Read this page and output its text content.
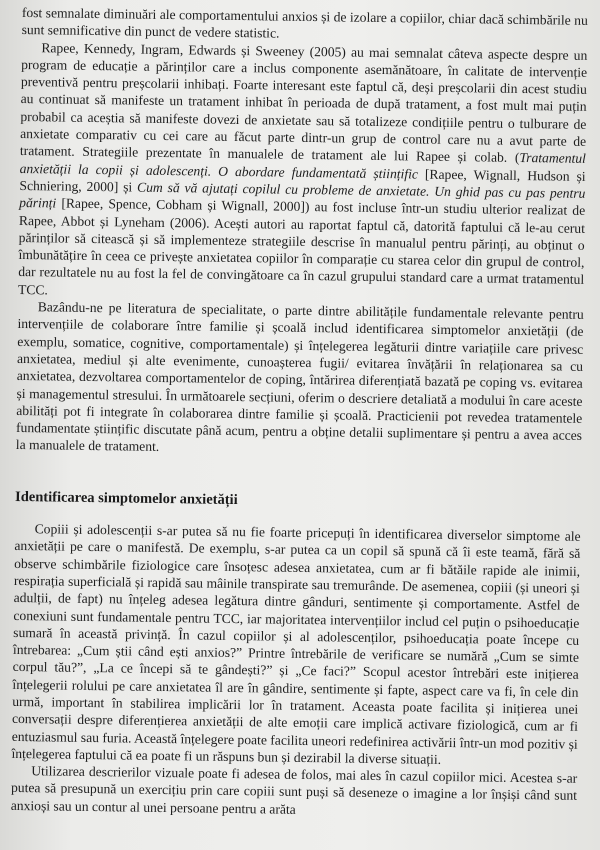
fost semnalate diminuări ale comportamentului anxios și de izolare a copiilor, chiar dacă schimbările nu sunt semnificative din punct de vedere statistic.

Rapee, Kennedy, Ingram, Edwards și Sweeney (2005) au mai semnalat câteva aspecte despre un program de educație a părinților care a inclus componente asemănătoare, în calitate de intervenție preventivă pentru preșcolarii inhibați. Foarte interesant este faptul că, deși preșcolarii din acest studiu au continuat să manifeste un tratament inhibat în perioada de după tratament, a fost mult mai puțin probabil ca aceștia să manifeste dovezi de anxietate sau să totalizeze condițiile pentru o tulburare de anxietate comparativ cu cei care au făcut parte dintr-un grup de control care nu a avut parte de tratament. Strategiile prezentate în manualele de tratament ale lui Rapee și colab. (Tratamentul anxietății la copii și adolescenți. O abordare fundamentată științific [Rapee, Wignall, Hudson și Schniering, 2000] și Cum să vă ajutați copilul cu probleme de anxietate. Un ghid pas cu pas pentru părinți [Rapee, Spence, Cobham și Wignall, 2000]) au fost incluse într-un studiu ulterior realizat de Rapee, Abbot și Lyneham (2006). Acești autori au raportat faptul că, datorită faptului că le-au cerut părinților să citească și să implementeze strategiile descrise în manualul pentru părinți, au obținut o îmbunătățire în ceea ce privește anxietatea copiilor în comparație cu starea celor din grupul de control, dar rezultatele nu au fost la fel de convingătoare ca în cazul grupului standard care a urmat tratamentul TCC.

Bazându-ne pe literatura de specialitate, o parte dintre abilitățile fundamentale relevante pentru intervențiile de colaborare între familie și școală includ identificarea simptomelor anxietății (de exemplu, somatice, cognitive, comportamentale) și înțelegerea legăturii dintre variațiile care privesc anxietatea, mediul și alte evenimente, cunoașterea fugii/ evitarea învățării în relaționarea sa cu anxietatea, dezvoltarea comportamentelor de coping, întărirea diferențiată bazată pe coping vs. evitarea și managementul stresului. În următoarele secțiuni, oferim o descriere detaliată a modului în care aceste abilități pot fi integrate în colaborarea dintre familie și școală. Practicienii pot revedea tratamentele fundamentate științific discutate până acum, pentru a obține detalii suplimentare și pentru a avea acces la manualele de tratament.

Identificarea simptomelor anxietății

Copiii și adolescenții s-ar putea să nu fie foarte pricepuți în identificarea diverselor simptome ale anxietății pe care o manifestă. De exemplu, s-ar putea ca un copil să spună că îi este teamă, fără să observe schimbările fiziologice care însoțesc adesea anxietatea, cum ar fi bătăile rapide ale inimii, respirația superficială și rapidă sau mâinile transpirate sau tremurânde. De asemenea, copiii (și uneori și adulții, de fapt) nu înțeleg adesea legătura dintre gânduri, sentimente și comportamente. Astfel de conexiuni sunt fundamentale pentru TCC, iar majoritatea intervențiilor includ cel puțin o psihoeducație sumară în această privință. În cazul copiilor și al adolescenților, psihoeducația poate începe cu întrebarea: „Cum știi când ești anxios?” Printre întrebările de verificare se numără „Cum se simte corpul tău?”, „La ce începi să te gândești?” și „Ce faci?” Scopul acestor întrebări este inițierea înțelegerii rolului pe care anxietatea îl are în gândire, sentimente și fapte, aspect care va fi, în cele din urmă, important în stabilirea implicării lor în tratament. Aceasta poate facilita și inițierea unei conversații despre diferențierea anxietății de alte emoții care implică activare fiziologică, cum ar fi entuziasmul sau furia. Această înțelegere poate facilita uneori redefinirea activării într-un mod pozitiv și înțelegerea faptului că ea poate fi un răspuns bun și dezirabil la diverse situații.

Utilizarea descrierilor vizuale poate fi adesea de folos, mai ales în cazul copiilor mici. Acestea s-ar putea să presupună un exercițiu prin care copiii sunt puși să deseneze o imagine a lor înșiși când sunt anxioși sau un contur al unei persoane pentru a arăta
